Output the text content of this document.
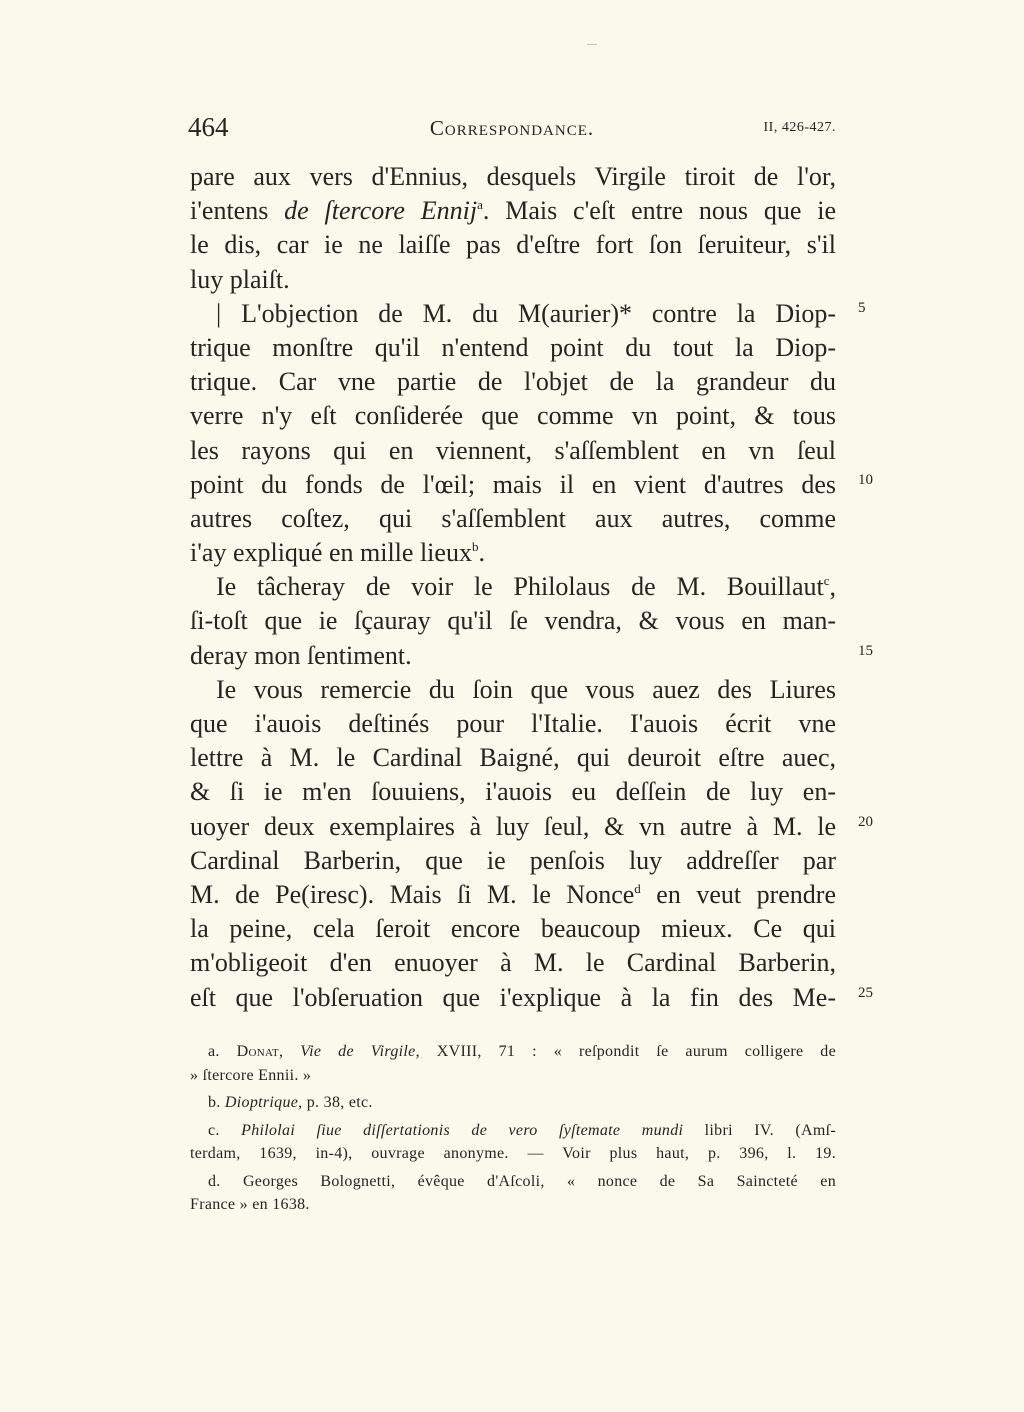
464	Correspondance.	II, 426-427.
pare aux vers d'Ennius, desquels Virgile tiroit de l'or,
i'entens de ſtercore Ennij$^a$. Mais c'eſt entre nous que ie
le dis, car ie ne laiſſe pas d'eſtre fort ſon ſeruiteur, s'il
luy plaiſt.
| L'objection de M. du M(aurier)* contre la Diop-
trique monſtre qu'il n'entend point du tout la Diop-
trique. Car vne partie de l'objet de la grandeur du
verre n'y eſt conſiderée que comme vn point, & tous
les rayons qui en viennent, s'aſſemblent en vn ſeul
point du fonds de l'œil; mais il en vient d'autres des
autres coſtez, qui s'aſſemblent aux autres, comme
i'ay expliqué en mille lieux$^b$.
Ie tâcheray de voir le Philolaus de M. Bouillaut$^c$,
ſi-toſt que ie ſçauray qu'il ſe vendra, & vous en man-
deray mon ſentiment.
Ie vous remercie du ſoin que vous auez des Liures
que i'auois deſtinés pour l'Italie. I'auois écrit vne
lettre à M. le Cardinal Baigné, qui deuroit eſtre auec,
& ſi ie m'en ſouuiens, i'auois eu deſſein de luy en-
uoyer deux exemplaires à luy ſeul, & vn autre à M. le
Cardinal Barberin, que ie penſois luy addreſſer par
M. de Pe(iresc). Mais ſi M. le Nonce$^d$ en veut prendre
la peine, cela ſeroit encore beaucoup mieux. Ce qui
m'obligeoit d'en enuoyer à M. le Cardinal Barberin,
eſt que l'obſeruation que i'explique à la fin des Me-
5
10
15
20
25
a. Donat, Vie de Virgile, XVIII, 71 : « reſpondit ſe aurum colligere de
» ſtercore Ennii. »
b. Dioptrique, p. 38, etc.
c. Philolai ſiue diſſertationis de vero ſyſtemate mundi libri IV. (Amſ-
terdam, 1639, in-4), ouvrage anonyme. — Voir plus haut, p. 396, l. 19.
d. Georges Bolognetti, évêque d'Aſcoli, « nonce de Sa Saincteté en
France » en 1638.
